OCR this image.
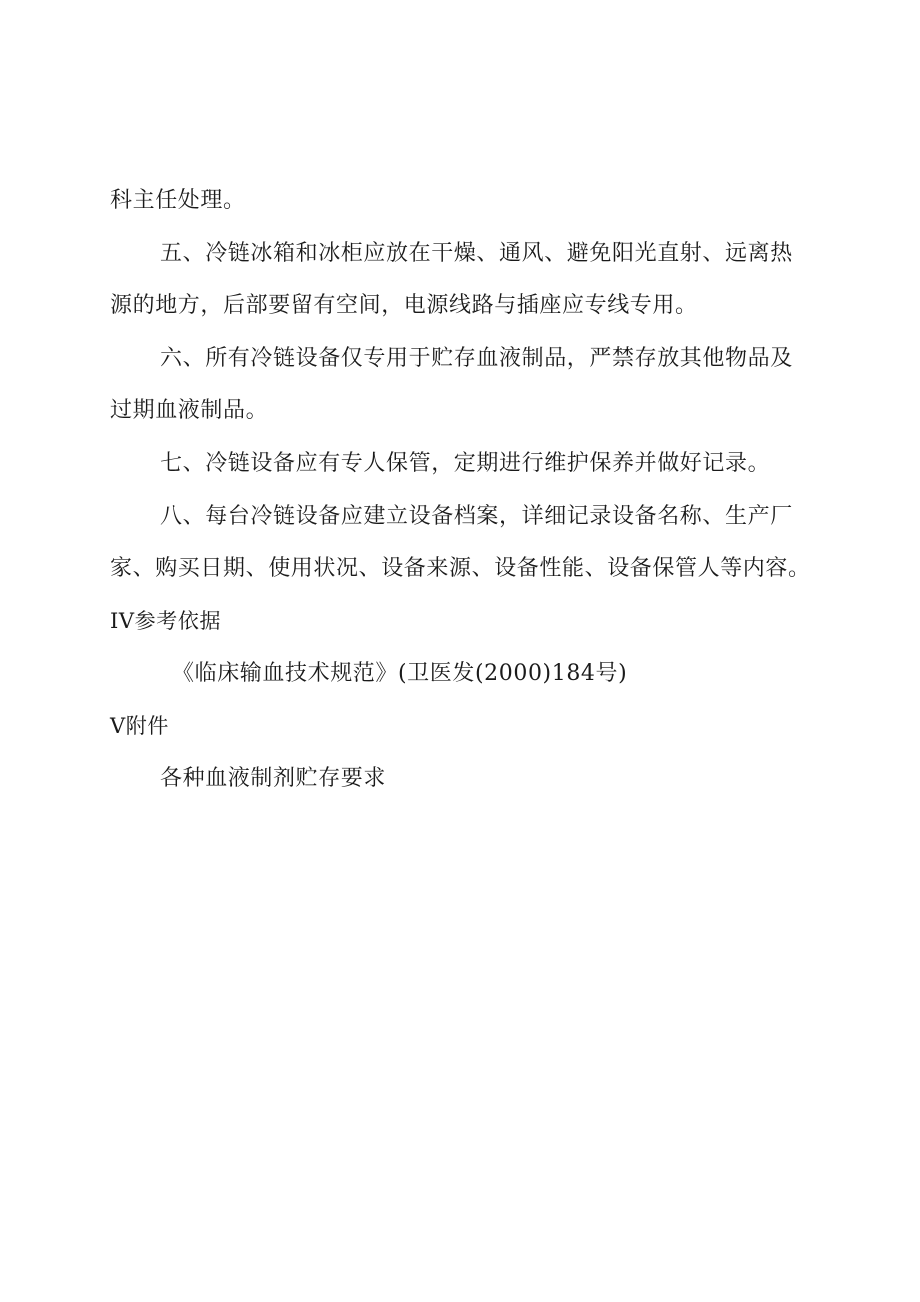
科主任处理。
五、冷链冰箱和冰柜应放在干燥、通风、避免阳光直射、远离热
源的地方，后部要留有空间，电源线路与插座应专线专用。
六、所有冷链设备仅专用于贮存血液制品，严禁存放其他物品及
过期血液制品。
七、冷链设备应有专人保管，定期进行维护保养并做好记录。
八、每台冷链设备应建立设备档案，详细记录设备名称、生产厂
家、购买日期、使用状况、设备来源、设备性能、设备保管人等内容。
IV参考依据
《临床输血技术规范》(卫医发(2000)184号)
V附件
各种血液制剂贮存要求
